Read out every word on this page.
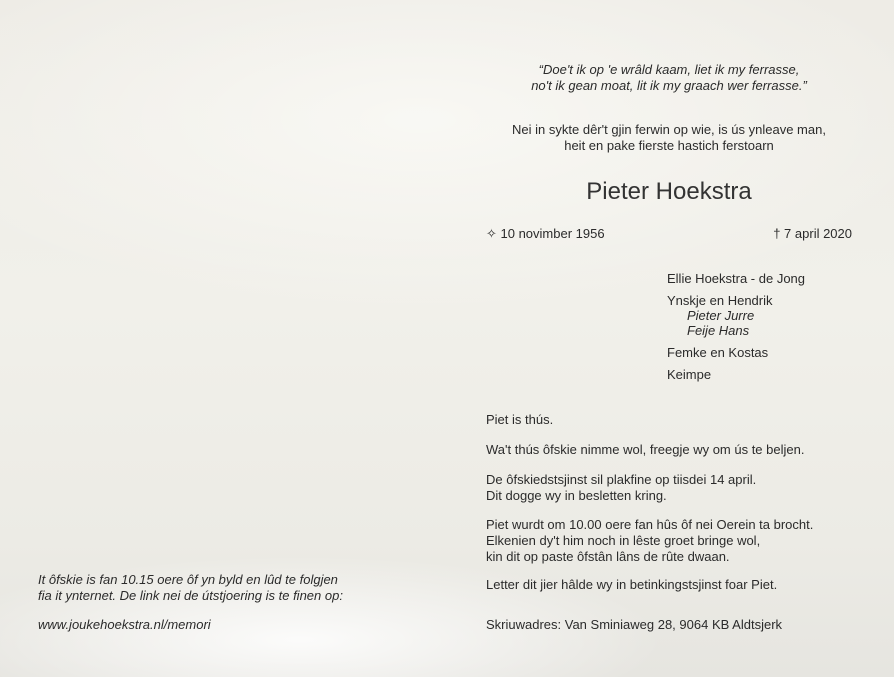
“Doe't ik op 'e wrâld kaam, liet ik my ferrasse,
no't ik gean moat, lit ik my graach wer ferrasse.”

Nei in sykte dêr't gjin ferwin op wie, is ús ynleave man,
heit en pake fierste hastich ferstoarn

Pieter Hoekstra
✧ 10 novimber 1956	† 7 april 2020
Ellie Hoekstra - de Jong
Ynskje en Hendrik
Pieter Jurre
Feije Hans
Femke en Kostas
Keimpe
Piet is thús.
Wa't thús ôfskie nimme wol, freegje wy om ús te beljen.
De ôfskiedstsjinst sil plakfine op tiisdei 14 april.
Dit dogge wy in besletten kring.
Piet wurdt om 10.00 oere fan hûs ôf nei Oerein ta brocht.
Elkenien dy't him noch in lêste groet bringe wol,
kin dit op paste ôfstân lâns de rûte dwaan.
Letter dit jier hâlde wy in betinkingstsjinst foar Piet.
Skriuwadres: Van Sminiaweg 28, 9064 KB Aldtsjerk
It ôfskie is fan 10.15 oere ôf yn byld en lûd te folgjen
fia it ynternet. De link nei de útstjoering is te finen op:
www.joukehoekstra.nl/memori
